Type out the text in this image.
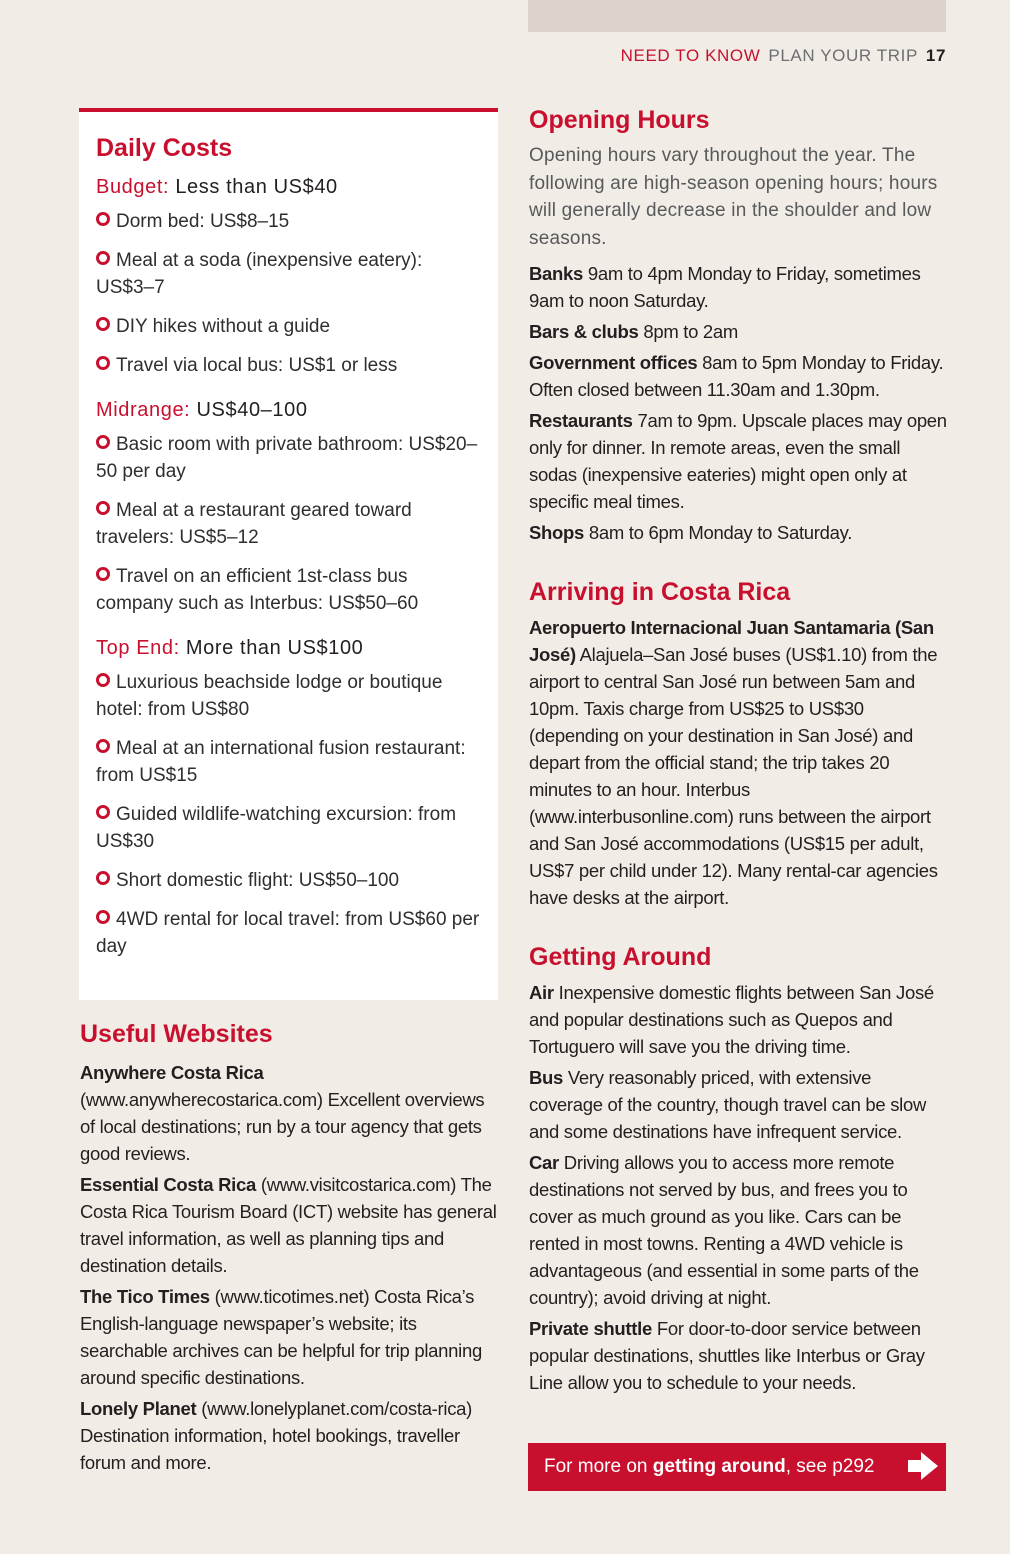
NEED TO KNOW PLAN YOUR TRIP 17
Daily Costs
Budget: Less than US$40
Dorm bed: US$8–15
Meal at a soda (inexpensive eatery): US$3–7
DIY hikes without a guide
Travel via local bus: US$1 or less
Midrange: US$40–100
Basic room with private bathroom: US$20–50 per day
Meal at a restaurant geared toward travelers: US$5–12
Travel on an efficient 1st-class bus company such as Interbus: US$50–60
Top End: More than US$100
Luxurious beachside lodge or boutique hotel: from US$80
Meal at an international fusion restaurant: from US$15
Guided wildlife-watching excursion: from US$30
Short domestic flight: US$50–100
4WD rental for local travel: from US$60 per day
Useful Websites

Anywhere Costa Rica (www.anywherecostarica.com) Excellent overviews of local destinations; run by a tour agency that gets good reviews.

Essential Costa Rica (www.visitcostarica.com) The Costa Rica Tourism Board (ICT) website has general travel information, as well as planning tips and destination details.

The Tico Times (www.ticotimes.net) Costa Rica’s English-language newspaper’s website; its searchable archives can be helpful for trip planning around specific destinations.

Lonely Planet (www.lonelyplanet.com/costa-rica) Destination information, hotel bookings, traveller forum and more.

Opening Hours

Opening hours vary throughout the year. The following are high-season opening hours; hours will generally decrease in the shoulder and low seasons.

Banks 9am to 4pm Monday to Friday, sometimes 9am to noon Saturday.

Bars & clubs 8pm to 2am

Government offices 8am to 5pm Monday to Friday. Often closed between 11.30am and 1.30pm.

Restaurants 7am to 9pm. Upscale places may open only for dinner. In remote areas, even the small sodas (inexpensive eateries) might open only at specific meal times.

Shops 8am to 6pm Monday to Saturday.

Arriving in Costa Rica

Aeropuerto Internacional Juan Santamaria (San José) Alajuela–San José buses (US$1.10) from the airport to central San José run between 5am and 10pm. Taxis charge from US$25 to US$30 (depending on your destination in San José) and depart from the official stand; the trip takes 20 minutes to an hour. Interbus (www.interbusonline.com) runs between the airport and San José accommodations (US$15 per adult, US$7 per child under 12). Many rental-car agencies have desks at the airport.

Getting Around

Air Inexpensive domestic flights between San José and popular destinations such as Quepos and Tortuguero will save you the driving time.

Bus Very reasonably priced, with extensive coverage of the country, though travel can be slow and some destinations have infrequent service.

Car Driving allows you to access more remote destinations not served by bus, and frees you to cover as much ground as you like. Cars can be rented in most towns. Renting a 4WD vehicle is advantageous (and essential in some parts of the country); avoid driving at night.

Private shuttle For door-to-door service between popular destinations, shuttles like Interbus or Gray Line allow you to schedule to your needs.

For more on
getting around , see p292
